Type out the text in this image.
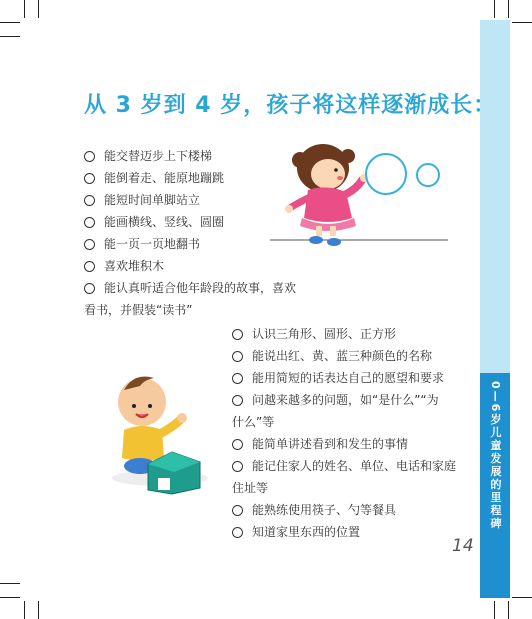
0—6岁儿童发展的里程碑
从 3 岁到 4 岁，孩子将这样逐渐成长：
能交替迈步上下楼梯
能倒着走、能原地蹦跳
能短时间单脚站立
能画横线、竖线、圆圈
能一页一页地翻书
喜欢堆积木
能认真听适合他年龄段的故事，喜欢
看书，并假装“读书”
认识三角形、圆形、正方形
能说出红、黄、蓝三种颜色的名称
能用简短的话表达自己的愿望和要求
问越来越多的问题，如“是什么”“为
什么”等
能简单讲述看到和发生的事情
能记住家人的姓名、单位、电话和家庭
住址等
能熟练使用筷子、勺等餐具
知道家里东西的位置
14
